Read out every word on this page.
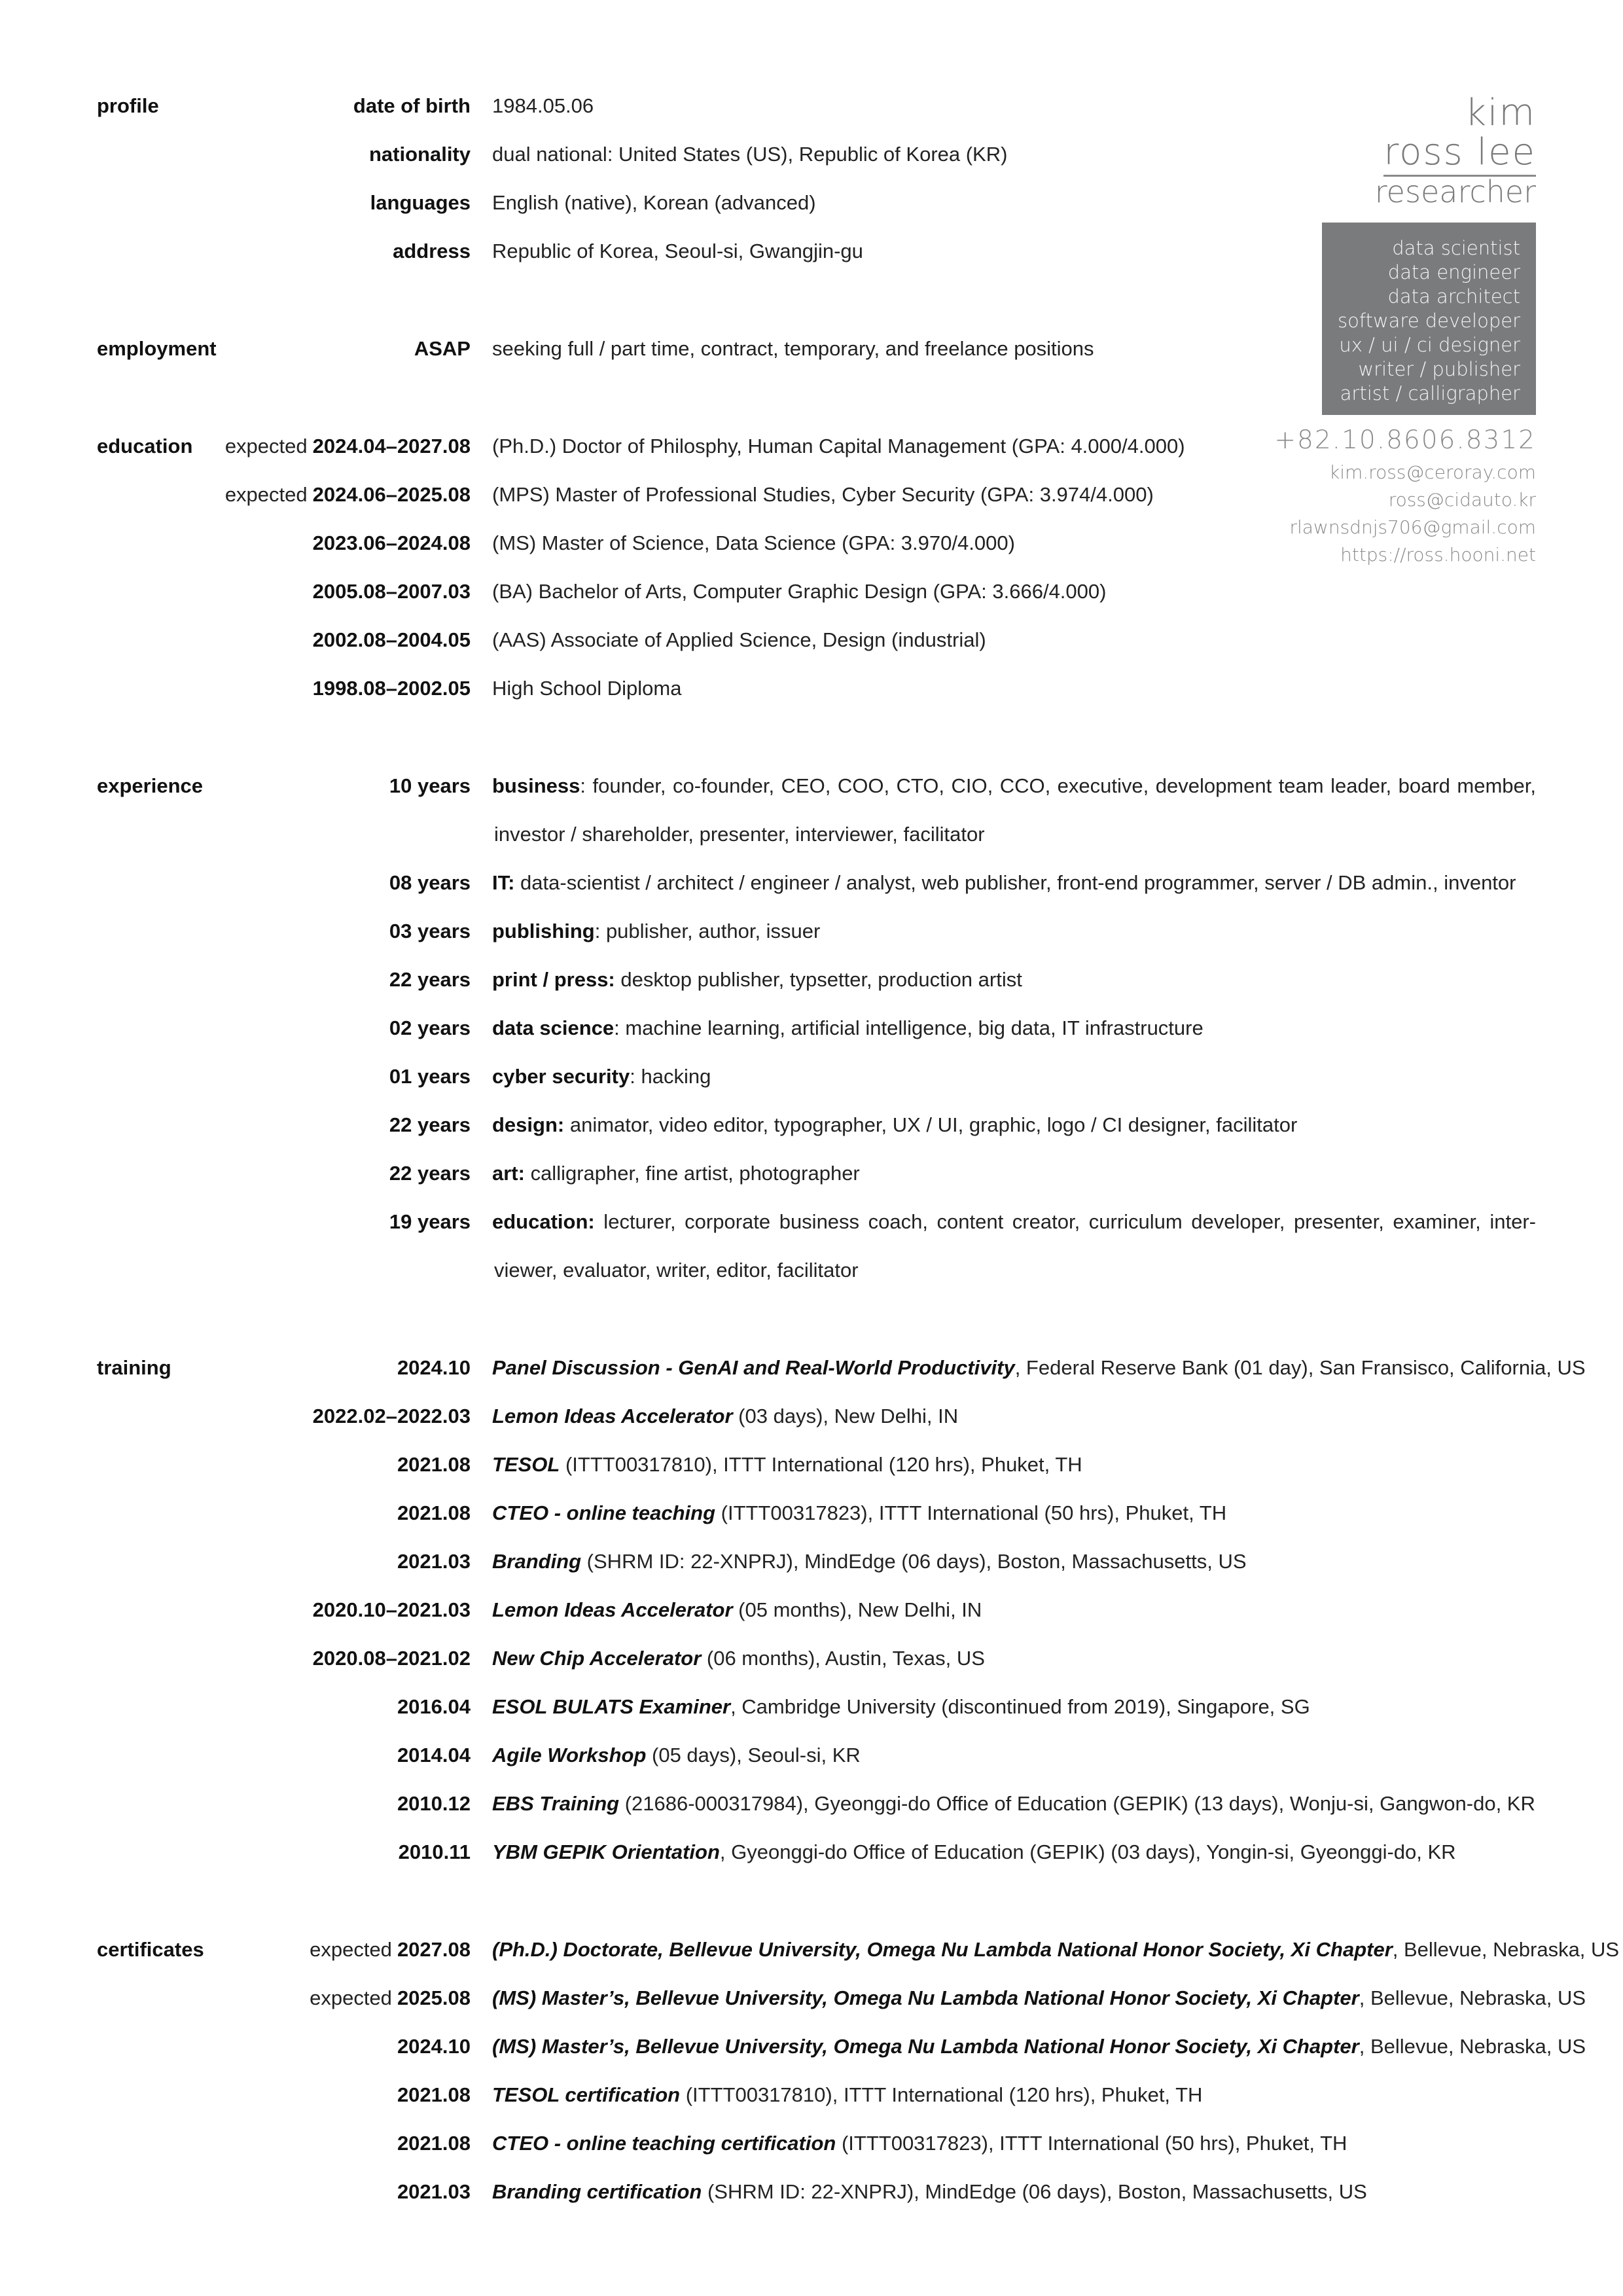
kim
ross lee
researcher
data scientist
data engineer
data architect
software developer
ux / ui / ci designer
writer / publisher
artist / calligrapher
+82.10.8606.8312
kim.ross@ceroray.com
ross@cidauto.kr
rlawnsdnjs706@gmail.com
https://ross.hooni.net
profile	date of birth 1984.05.06
nationality dual national: United States (US), Republic of Korea (KR)
languages English (native), Korean (advanced)
address Republic of Korea, Seoul-si, Gwangjin-gu
employment	ASAP seeking full / part time, contract, temporary, and freelance positions
education expected 2024.04–2027.08 (Ph.D.) Doctor of Philosphy, Human Capital Management (GPA: 4.000/4.000)
expected 2024.06–2025.08 (MPS) Master of Professional Studies, Cyber Security (GPA: 3.974/4.000)
2023.06–2024.08 (MS) Master of Science, Data Science (GPA: 3.970/4.000)
2005.08–2007.03 (BA) Bachelor of Arts, Computer Graphic Design (GPA: 3.666/4.000)
2002.08–2004.05 (AAS) Associate of Applied Science, Design (industrial)
1998.08–2002.05 High School Diploma
experience	10 years business: founder, co-founder, CEO, COO, CTO, CIO, CCO, executive, development team leader, board member,
investor / shareholder, presenter, interviewer, facilitator
08 years IT: data-scientist / architect / engineer / analyst, web publisher, front-end programmer, server / DB admin., inventor
03 years publishing: publisher, author, issuer
22 years print / press: desktop publisher, typsetter, production artist
02 years data science: machine learning, artificial intelligence, big data, IT infrastructure
01 years cyber security: hacking
22 years design: animator, video editor, typographer, UX / UI, graphic, logo / CI designer, facilitator
22 years art: calligrapher, fine artist, photographer
19 years education: lecturer, corporate business coach, content creator, curriculum developer, presenter, examiner, inter-
viewer, evaluator, writer, editor, facilitator
training	2024.10 Panel Discussion - GenAI and Real-World Productivity, Federal Reserve Bank (01 day), San Fransisco, California, US
2022.02–2022.03 Lemon Ideas Accelerator (03 days), New Delhi, IN
2021.08 TESOL (ITTT00317810), ITTT International (120 hrs), Phuket, TH
2021.08 CTEO - online teaching (ITTT00317823), ITTT International (50 hrs), Phuket, TH
2021.03 Branding (SHRM ID: 22-XNPRJ), MindEdge (06 days), Boston, Massachusetts, US
2020.10–2021.03 Lemon Ideas Accelerator (05 months), New Delhi, IN
2020.08–2021.02 New Chip Accelerator (06 months), Austin, Texas, US
2016.04 ESOL BULATS Examiner, Cambridge University (discontinued from 2019), Singapore, SG
2014.04 Agile Workshop (05 days), Seoul-si, KR
2010.12 EBS Training (21686-000317984), Gyeonggi-do Office of Education (GEPIK) (13 days), Wonju-si, Gangwon-do, KR
2010.11 YBM GEPIK Orientation, Gyeonggi-do Office of Education (GEPIK) (03 days), Yongin-si, Gyeonggi-do, KR
certificates	expected 2027.08 (Ph.D.) Doctorate, Bellevue University, Omega Nu Lambda National Honor Society, Xi Chapter, Bellevue, Nebraska, US
expected 2025.08 (MS) Master’s, Bellevue University, Omega Nu Lambda National Honor Society, Xi Chapter, Bellevue, Nebraska, US
2024.10 (MS) Master’s, Bellevue University, Omega Nu Lambda National Honor Society, Xi Chapter, Bellevue, Nebraska, US
2021.08 TESOL certification (ITTT00317810), ITTT International (120 hrs), Phuket, TH
2021.08 CTEO - online teaching certification (ITTT00317823), ITTT International (50 hrs), Phuket, TH
2021.03 Branding certification (SHRM ID: 22-XNPRJ), MindEdge (06 days), Boston, Massachusetts, US
